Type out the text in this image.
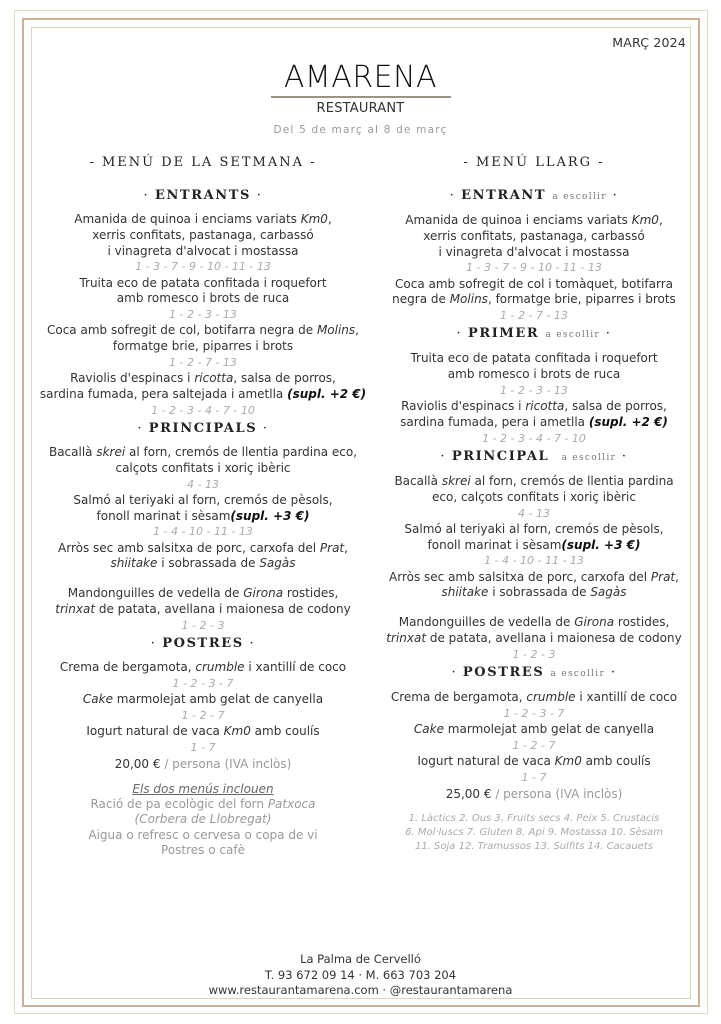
MARÇ 2024
AMARENA
RESTAURANT
Del 5 de març al 8 de març
- MENÚ DE LA SETMANA -
· ENTRANTS ·
Amanida de quinoa i enciams variats Km0,
xerris confitats, pastanaga, carbassó
i vinagreta d'alvocat i mostassa
1 - 3 - 7 - 9 - 10 - 11 - 13
Truita eco de patata confitada i roquefort
amb romesco i brots de ruca
1 - 2 - 3 - 13
Coca amb sofregit de col, botifarra negra de Molins,
formatge brie, piparres i brots
1 - 2 - 7 - 13
Raviolis d'espinacs i ricotta, salsa de porros,
sardina fumada, pera saltejada i ametlla (supl. +2 €)
1 - 2 - 3 - 4 - 7 - 10
· PRINCIPALS ·
Bacallà skrei al forn, cremós de llentia pardina eco,
calçots confitats i xoriç ibèric
4 - 13
Salmó al teriyaki al forn, cremós de pèsols,
fonoll marinat i sèsam(supl. +3 €)
1 - 4 - 10 - 11 - 13
Arròs sec amb salsitxa de porc, carxofa del Prat,
shiitake i sobrassada de Sagàs
Mandonguilles de vedella de Girona rostides,
trinxat de patata, avellana i maionesa de codony
1 - 2 - 3
· POSTRES ·
Crema de bergamota, crumble i xantillí de coco
1 - 2 - 3 - 7
Cake marmolejat amb gelat de canyella
1 - 2 - 7
Iogurt natural de vaca Km0 amb coulís
1 - 7
20,00 € / persona (IVA inclòs)
Els dos menús inclouen
Ració de pa ecològic del forn Patxoca
(Corbera de Llobregat)
Aigua o refresc o cervesa o copa de vi
Postres o cafè
- MENÚ LLARG -
· ENTRANT a escollir ·
Amanida de quinoa i enciams variats Km0,
xerris confitats, pastanaga, carbassó
i vinagreta d'alvocat i mostassa
1 - 3 - 7 - 9 - 10 - 11 - 13
Coca amb sofregit de col i tomàquet, botifarra
negra de Molins, formatge brie, piparres i brots
1 - 2 - 7 - 13
· PRIMER a escollir ·
Truita eco de patata confitada i roquefort
amb romesco i brots de ruca
1 - 2 - 3 - 13
Raviolis d'espinacs i ricotta, salsa de porros,
sardina fumada, pera i ametlla (supl. +2 €)
1 - 2 - 3 - 4 - 7 - 10
· PRINCIPAL a escollir ·
Bacallà skrei al forn, cremós de llentia pardina
eco, calçots confitats i xoriç ibèric
4 - 13
Salmó al teriyaki al forn, cremós de pèsols,
fonoll marinat i sèsam(supl. +3 €)
1 - 4 - 10 - 11 - 13
Arròs sec amb salsitxa de porc, carxofa del Prat,
shiitake i sobrassada de Sagàs
Mandonguilles de vedella de Girona rostides,
trinxat de patata, avellana i maionesa de codony
1 - 2 - 3
· POSTRES a escollir ·
Crema de bergamota, crumble i xantillí de coco
1 - 2 - 3 - 7
Cake marmolejat amb gelat de canyella
1 - 2 - 7
Iogurt natural de vaca Km0 amb coulís
1 - 7
25,00 € / persona (IVA inclòs)
1. Làctics 2. Ous 3. Fruits secs 4. Peix 5. Crustacis
6. Mol·luscs 7. Gluten 8. Api 9. Mostassa 10. Sèsam
11. Soja 12. Tramussos 13. Sulfits 14. Cacauets
La Palma de Cervelló
T. 93 672 09 14 · M. 663 703 204
www.restaurantamarena.com · @restaurantamarena
